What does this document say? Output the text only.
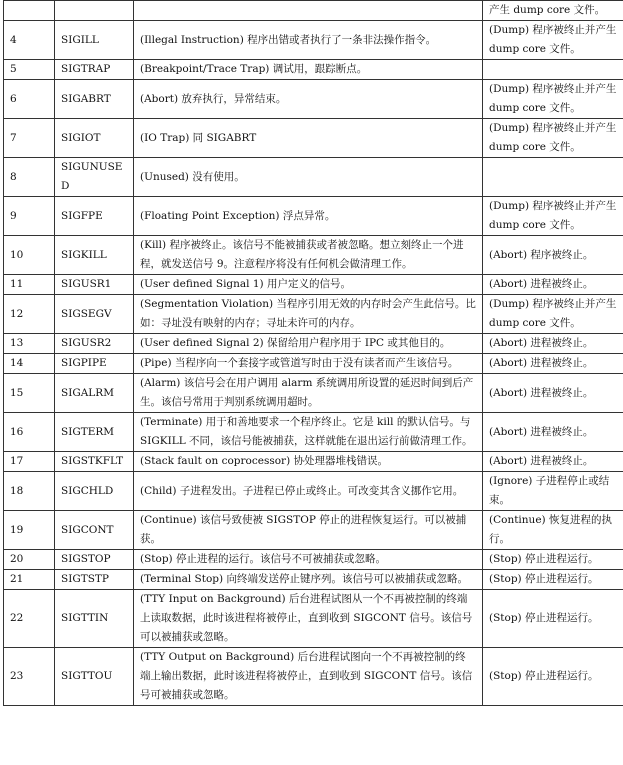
			产生 dump core 文件。
4	SIGILL	(Illegal Instruction) 程序出错或者执行了一条非法操作指令。	(Dump) 程序被终止并产生 dump core 文件。
5	SIGTRAP	(Breakpoint/Trace Trap) 调试用，跟踪断点。	
6	SIGABRT	(Abort) 放弃执行，异常结束。	(Dump) 程序被终止并产生 dump core 文件。
7	SIGIOT	(IO Trap) 同 SIGABRT	(Dump) 程序被终止并产生 dump core 文件。
8	SIGUNUSED	(Unused) 没有使用。	
9	SIGFPE	(Floating Point Exception) 浮点异常。	(Dump) 程序被终止并产生 dump core 文件。
10	SIGKILL	(Kill) 程序被终止。该信号不能被捕获或者被忽略。想立刻终止一个进程，就发送信号 9。注意程序将没有任何机会做清理工作。	(Abort) 程序被终止。
11	SIGUSR1	(User defined Signal 1) 用户定义的信号。	(Abort) 进程被终止。
12	SIGSEGV	(Segmentation Violation) 当程序引用无效的内存时会产生此信号。比如：寻址没有映射的内存；寻址未许可的内存。	(Dump) 程序被终止并产生 dump core 文件。
13	SIGUSR2	(User defined Signal 2) 保留给用户程序用于 IPC 或其他目的。	(Abort) 进程被终止。
14	SIGPIPE	(Pipe) 当程序向一个套接字或管道写时由于没有读者而产生该信号。	(Abort) 进程被终止。
15	SIGALRM	(Alarm) 该信号会在用户调用 alarm 系统调用所设置的延迟时间到后产生。该信号常用于判别系统调用超时。	(Abort) 进程被终止。
16	SIGTERM	(Terminate) 用于和善地要求一个程序终止。它是 kill 的默认信号。与 SIGKILL 不同，该信号能被捕获，这样就能在退出运行前做清理工作。	(Abort) 进程被终止。
17	SIGSTKFLT	(Stack fault on coprocessor) 协处理器堆栈错误。	(Abort) 进程被终止。
18	SIGCHLD	(Child) 子进程发出。子进程已停止或终止。可改变其含义挪作它用。	(Ignore) 子进程停止或结束。
19	SIGCONT	(Continue) 该信号致使被 SIGSTOP 停止的进程恢复运行。可以被捕获。	(Continue) 恢复进程的执行。
20	SIGSTOP	(Stop) 停止进程的运行。该信号不可被捕获或忽略。	(Stop) 停止进程运行。
21	SIGTSTP	(Terminal Stop) 向终端发送停止键序列。该信号可以被捕获或忽略。	(Stop) 停止进程运行。
22	SIGTTIN	(TTY Input on Background) 后台进程试图从一个不再被控制的终端上读取数据，此时该进程将被停止，直到收到 SIGCONT 信号。该信号可以被捕获或忽略。	(Stop) 停止进程运行。
23	SIGTTOU	(TTY Output on Background) 后台进程试图向一个不再被控制的终端上输出数据，此时该进程将被停止，直到收到 SIGCONT 信号。该信号可被捕获或忽略。	(Stop) 停止进程运行。
